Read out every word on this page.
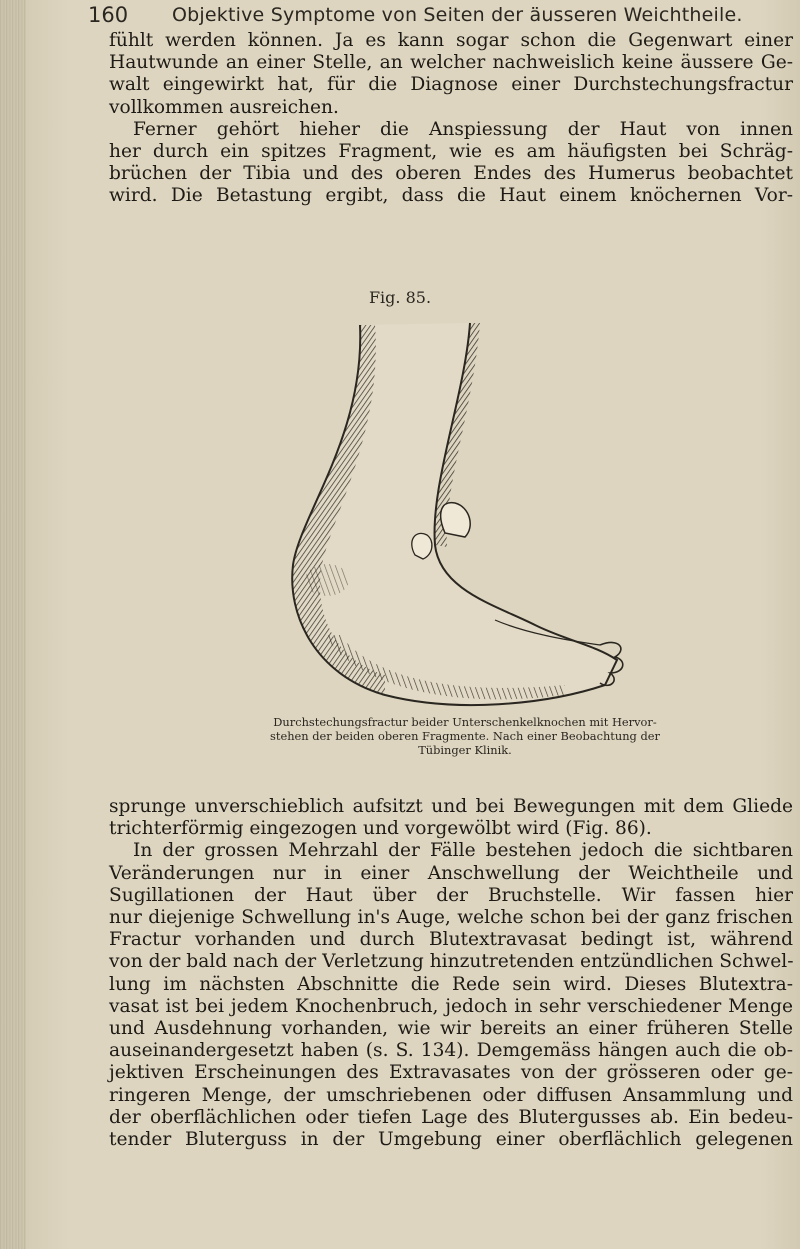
160 Objektive Symptome von Seiten der äusseren Weichtheile.
fühlt werden können. Ja es kann sogar schon die Gegenwart einer
Hautwunde an einer Stelle, an welcher nachweislich keine äussere Ge-
walt eingewirkt hat, für die Diagnose einer Durchstechungsfractur
vollkommen ausreichen.
Ferner gehört hieher die Anspiessung der Haut von innen
her durch ein spitzes Fragment, wie es am häufigsten bei Schräg-
brüchen der Tibia und des oberen Endes des Humerus beobachtet
wird. Die Betastung ergibt, dass die Haut einem knöchernen Vor-
Fig. 85.
Durchstechungsfractur beider Unterschenkelknochen mit Hervor-
stehen der beiden oberen Fragmente. Nach einer Beobachtung der
Tübinger Klinik.
sprunge unverschieblich aufsitzt und bei Bewegungen mit dem Gliede
trichterförmig eingezogen und vorgewölbt wird (Fig. 86).
In der grossen Mehrzahl der Fälle bestehen jedoch die sichtbaren
Veränderungen nur in einer Anschwellung der Weichtheile und
Sugillationen der Haut über der Bruchstelle. Wir fassen hier
nur diejenige Schwellung in's Auge, welche schon bei der ganz frischen
Fractur vorhanden und durch Blutextravasat bedingt ist, während
von der bald nach der Verletzung hinzutretenden entzündlichen Schwel-
lung im nächsten Abschnitte die Rede sein wird. Dieses Blutextra-
vasat ist bei jedem Knochenbruch, jedoch in sehr verschiedener Menge
und Ausdehnung vorhanden, wie wir bereits an einer früheren Stelle
auseinandergesetzt haben (s. S. 134). Demgemäss hängen auch die ob-
jektiven Erscheinungen des Extravasates von der grösseren oder ge-
ringeren Menge, der umschriebenen oder diffusen Ansammlung und
der oberflächlichen oder tiefen Lage des Blutergusses ab. Ein bedeu-
tender Bluterguss in der Umgebung einer oberflächlich gelegenen
